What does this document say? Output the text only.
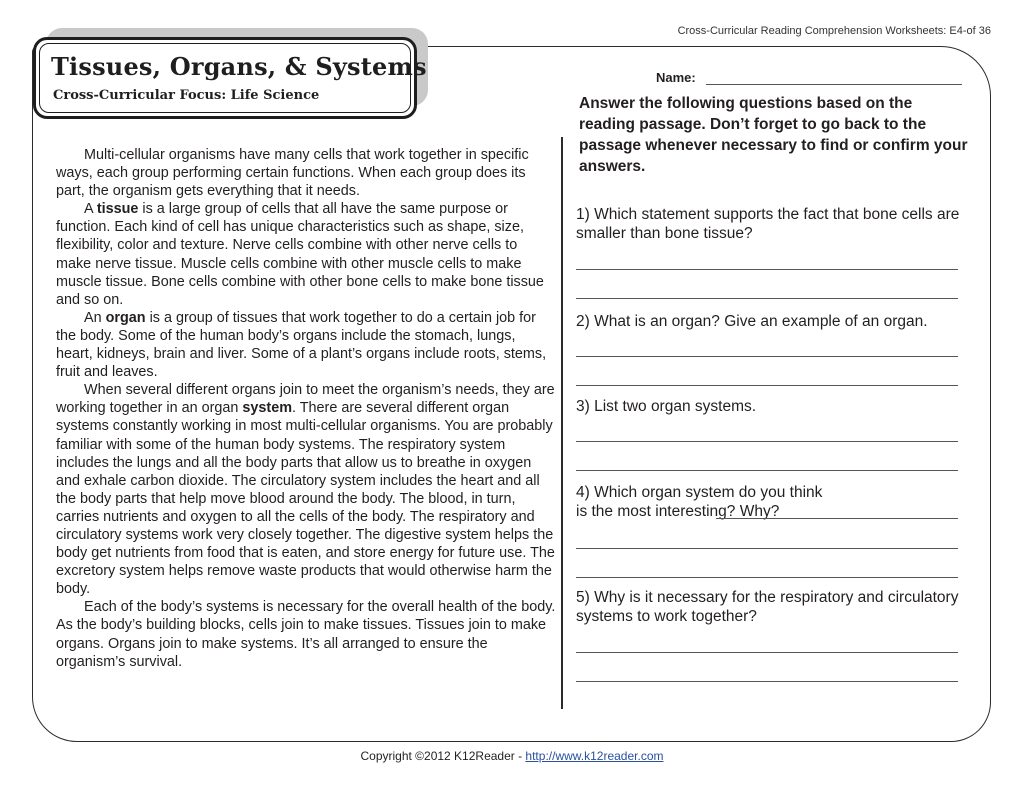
Cross-Curricular Reading Comprehension Worksheets: E4-of 36
Tissues, Organs, & Systems
Cross-Curricular Focus: Life Science

Multi-cellular organisms have many cells that work together in specific ways, each group performing certain functions. When each group does its part, the organism gets everything that it needs.

A tissue is a large group of cells that all have the same purpose or function. Each kind of cell has unique characteristics such as shape, size, flexibility, color and texture. Nerve cells combine with other nerve cells to make nerve tissue. Muscle cells combine with other muscle cells to make muscle tissue. Bone cells combine with other bone cells to make bone tissue and so on.

An organ is a group of tissues that work together to do a certain job for the body. Some of the human body’s organs include the stomach, lungs, heart, kidneys, brain and liver. Some of a plant’s organs include roots, stems, fruit and leaves.

When several different organs join to meet the organism’s needs, they are working together in an organ system. There are several different organ systems constantly working in most multi-cellular organisms. You are probably familiar with some of the human body systems. The respiratory system includes the lungs and all the body parts that allow us to breathe in oxygen and exhale carbon dioxide. The circulatory system includes the heart and all the body parts that help move blood around the body. The blood, in turn, carries nutrients and oxygen to all the cells of the body. The respiratory and circulatory systems work very closely together. The digestive system helps the body get nutrients from food that is eaten, and store energy for future use. The excretory system helps remove waste products that would otherwise harm the body.

Each of the body’s systems is necessary for the overall health of the body. As the body’s building blocks, cells join to make tissues. Tissues join to make organs. Organs join to make systems. It’s all arranged to ensure the organism’s survival.

Name:
Answer the following questions based on the reading passage. Don’t forget to go back to the passage whenever necessary to find or confirm your answers.
1) Which statement supports the fact that bone cells are smaller than bone tissue?
2) What is an organ? Give an example of an organ.
3) List two organ systems.
4) Which organ system do you think is the most interesting? Why?
5) Why is it necessary for the respiratory and circulatory systems to work together?
Copyright ©2012 K12Reader - http://www.k12reader.com
